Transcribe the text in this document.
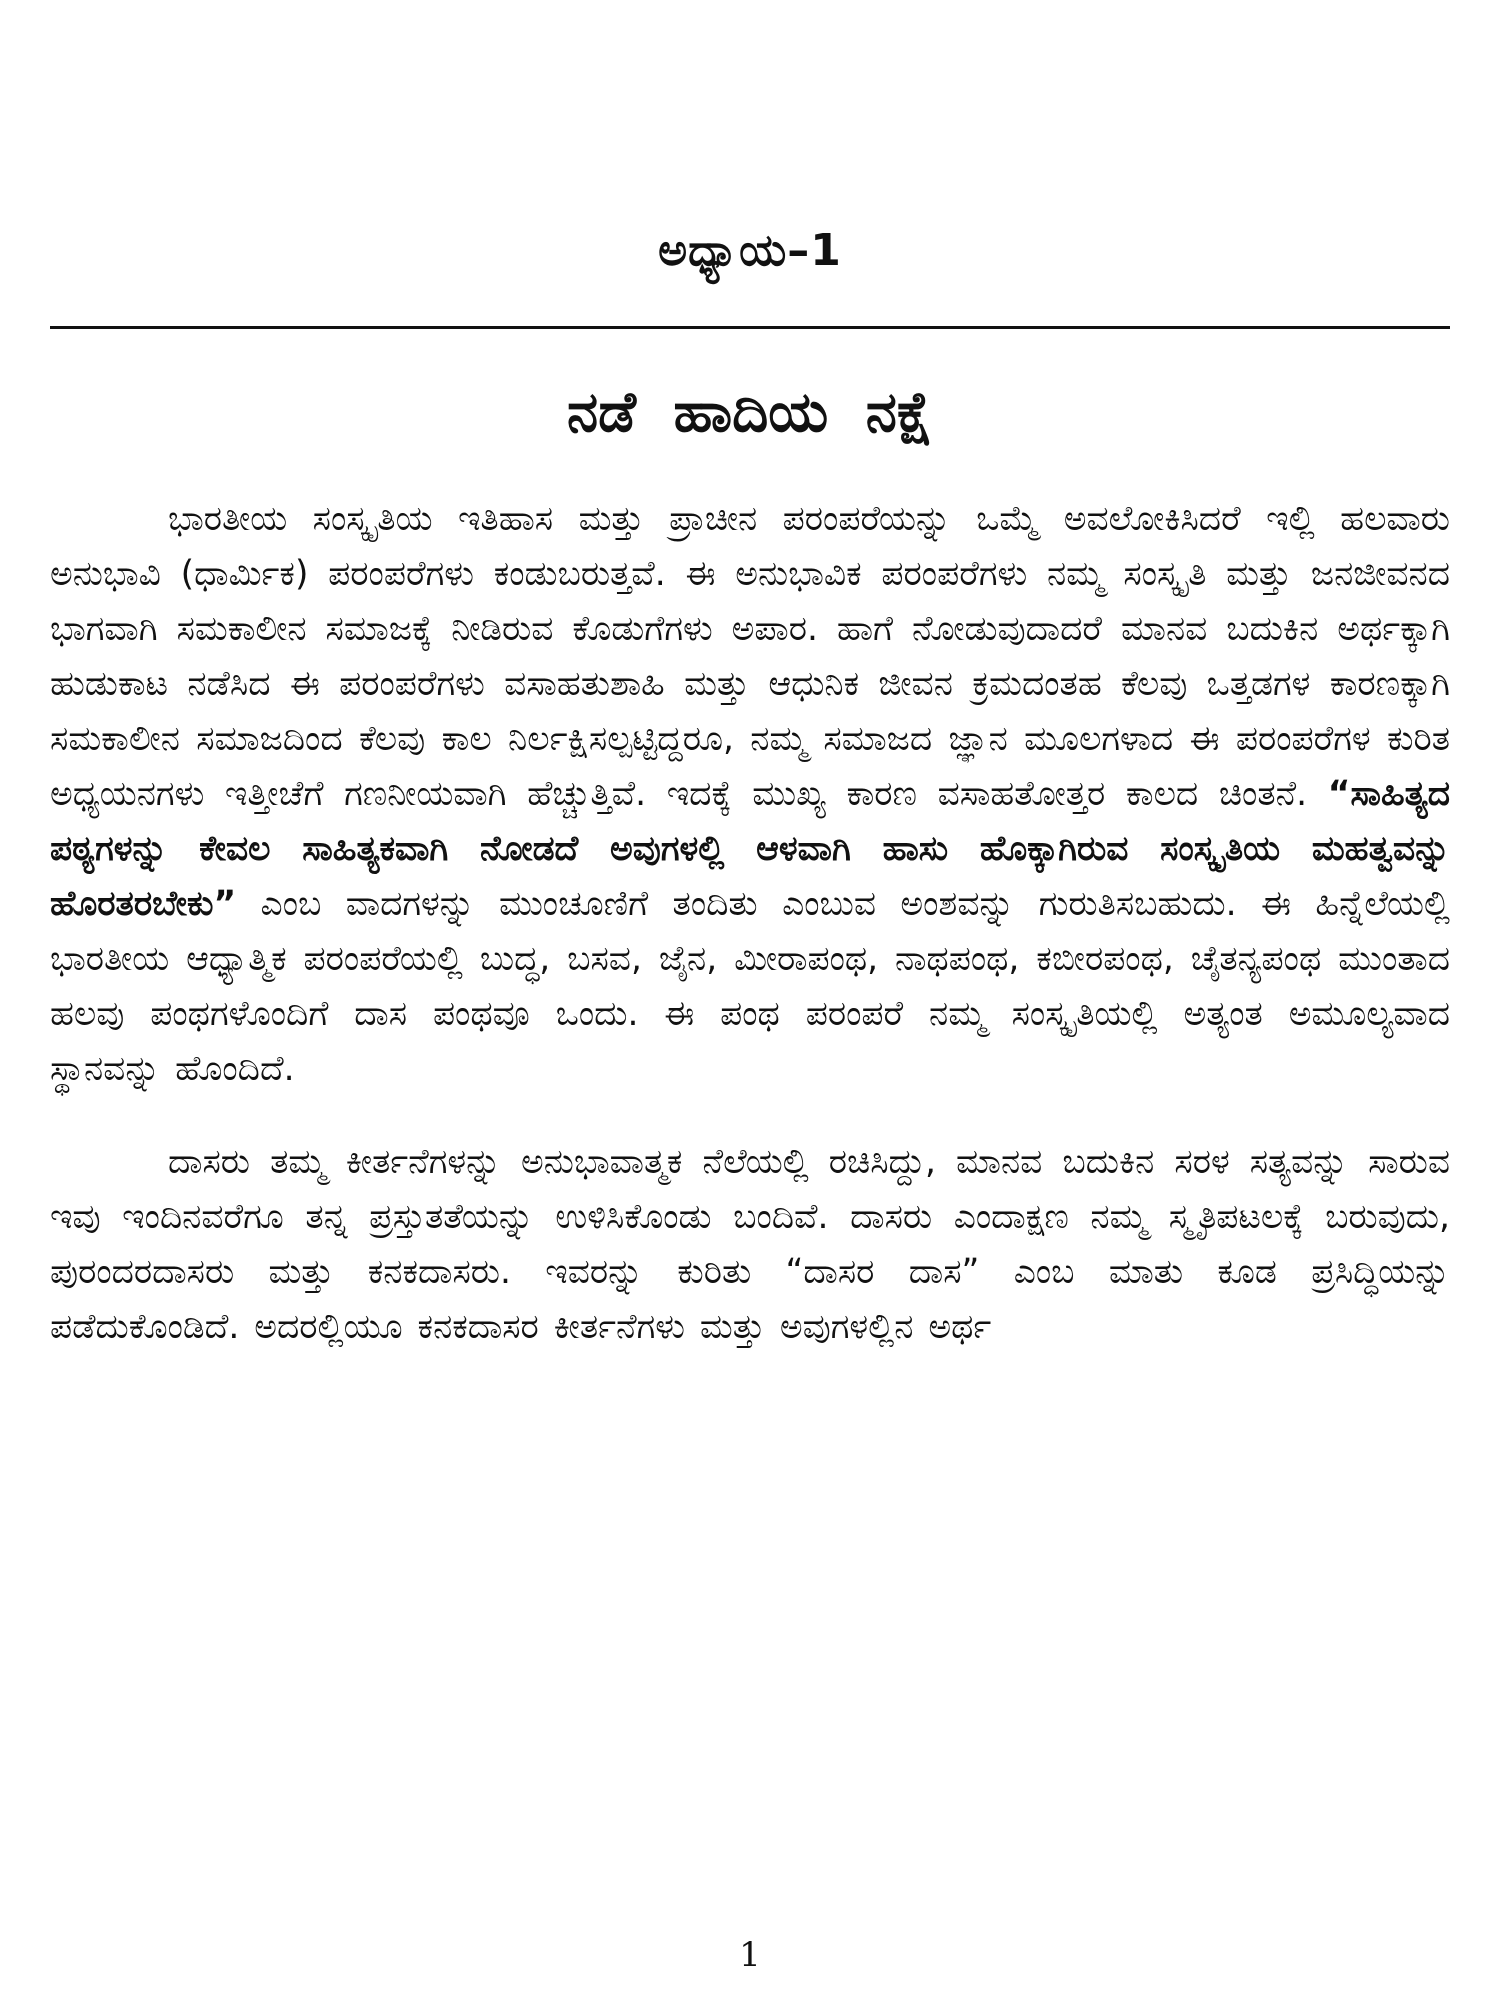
ಅಧ್ಯಾಯ–1
ನಡೆ ಹಾದಿಯ ನಕ್ಷೆ

ಭಾರತೀಯ ಸಂಸ್ಕೃತಿಯ ಇತಿಹಾಸ ಮತ್ತು ಪ್ರಾಚೀನ ಪರಂಪರೆಯನ್ನು ಒಮ್ಮೆ ಅವಲೋಕಿಸಿದರೆ ಇಲ್ಲಿ ಹಲವಾರು ಅನುಭಾವಿ (ಧಾರ್ಮಿಕ) ಪರಂಪರೆಗಳು ಕಂಡುಬರುತ್ತವೆ. ಈ ಅನುಭಾವಿಕ ಪರಂಪರೆಗಳು ನಮ್ಮ ಸಂಸ್ಕೃತಿ ಮತ್ತು ಜನಜೀವನದ ಭಾಗವಾಗಿ ಸಮಕಾಲೀನ ಸಮಾಜಕ್ಕೆ ನೀಡಿರುವ ಕೊಡುಗೆಗಳು ಅಪಾರ. ಹಾಗೆ ನೋಡುವುದಾದರೆ ಮಾನವ ಬದುಕಿನ ಅರ್ಥಕ್ಕಾಗಿ ಹುಡುಕಾಟ ನಡೆಸಿದ ಈ ಪರಂಪರೆಗಳು ವಸಾಹತುಶಾಹಿ ಮತ್ತು ಆಧುನಿಕ ಜೀವನ ಕ್ರಮದಂತಹ ಕೆಲವು ಒತ್ತಡಗಳ ಕಾರಣಕ್ಕಾಗಿ ಸಮಕಾಲೀನ ಸಮಾಜದಿಂದ ಕೆಲವು ಕಾಲ ನಿರ್ಲಕ್ಷಿಸಲ್ಪಟ್ಟಿದ್ದರೂ, ನಮ್ಮ ಸಮಾಜದ ಜ್ಞಾನ ಮೂಲಗಳಾದ ಈ ಪರಂಪರೆಗಳ ಕುರಿತ ಅಧ್ಯಯನಗಳು ಇತ್ತೀಚೆಗೆ ಗಣನೀಯವಾಗಿ ಹೆಚ್ಚುತ್ತಿವೆ. ಇದಕ್ಕೆ ಮುಖ್ಯ ಕಾರಣ ವಸಾಹತೋತ್ತರ ಕಾಲದ ಚಿಂತನೆ. “ಸಾಹಿತ್ಯದ ಪಠ್ಯಗಳನ್ನು ಕೇವಲ ಸಾಹಿತ್ಯಕವಾಗಿ ನೋಡದೆ ಅವುಗಳಲ್ಲಿ ಆಳವಾಗಿ ಹಾಸು ಹೊಕ್ಕಾಗಿರುವ ಸಂಸ್ಕೃತಿಯ ಮಹತ್ವವನ್ನು ಹೊರತರಬೇಕು” ಎಂಬ ವಾದಗಳನ್ನು ಮುಂಚೂಣಿಗೆ ತಂದಿತು ಎಂಬುವ ಅಂಶವನ್ನು ಗುರುತಿಸಬಹುದು. ಈ ಹಿನ್ನೆಲೆಯಲ್ಲಿ ಭಾರತೀಯ ಆಧ್ಯಾತ್ಮಿಕ ಪರಂಪರೆಯಲ್ಲಿ ಬುದ್ಧ, ಬಸವ, ಜೈನ, ಮೀರಾಪಂಥ, ನಾಥಪಂಥ, ಕಬೀರಪಂಥ, ಚೈತನ್ಯಪಂಥ ಮುಂತಾದ ಹಲವು ಪಂಥಗಳೊಂದಿಗೆ ದಾಸ ಪಂಥವೂ ಒಂದು. ಈ ಪಂಥ ಪರಂಪರೆ ನಮ್ಮ ಸಂಸ್ಕೃತಿಯಲ್ಲಿ ಅತ್ಯಂತ ಅಮೂಲ್ಯವಾದ ಸ್ಥಾನವನ್ನು ಹೊಂದಿದೆ.

ದಾಸರು ತಮ್ಮ ಕೀರ್ತನೆಗಳನ್ನು ಅನುಭಾವಾತ್ಮಕ ನೆಲೆಯಲ್ಲಿ ರಚಿಸಿದ್ದು, ಮಾನವ ಬದುಕಿನ ಸರಳ ಸತ್ಯವನ್ನು ಸಾರುವ ಇವು ಇಂದಿನವರೆಗೂ ತನ್ನ ಪ್ರಸ್ತುತತೆಯನ್ನು ಉಳಿಸಿಕೊಂಡು ಬಂದಿವೆ. ದಾಸರು ಎಂದಾಕ್ಷಣ ನಮ್ಮ ಸ್ಮೃತಿಪಟಲಕ್ಕೆ ಬರುವುದು, ಪುರಂದರದಾಸರು ಮತ್ತು ಕನಕದಾಸರು. ಇವರನ್ನು ಕುರಿತು “ದಾಸರ ದಾಸ” ಎಂಬ ಮಾತು ಕೂಡ ಪ್ರಸಿದ್ಧಿಯನ್ನು ಪಡೆದುಕೊಂಡಿದೆ. ಅದರಲ್ಲಿಯೂ ಕನಕದಾಸರ ಕೀರ್ತನೆಗಳು ಮತ್ತು ಅವುಗಳಲ್ಲಿನ ಅರ್ಥ

1
